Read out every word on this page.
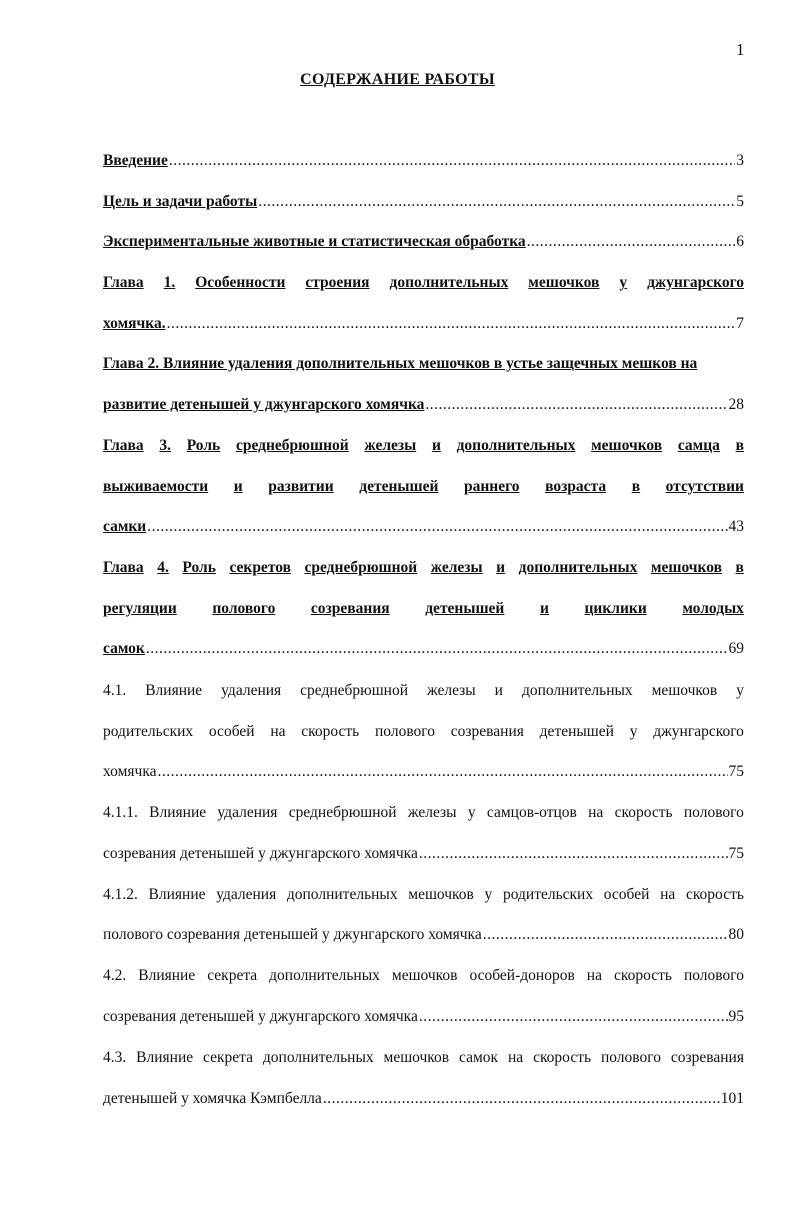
1
СОДЕРЖАНИЕ РАБОТЫ
Введение .....	3
Цель и задачи работы .....	5
Экспериментальные животные и статистическая обработка .....	6
Глава 1. Особенности строения дополнительных мешочков у джунгарского
хомячка. .....	7
Глава 2. Влияние удаления дополнительных мешочков в устье защечных мешков на
развитие детенышей у джунгарского хомячка .....	28
Глава 3. Роль среднебрюшной железы и дополнительных мешочков самца в
выживаемости и развитии детенышей раннего возраста в отсутствии
самки .....	43
Глава 4. Роль секретов среднебрюшной железы и дополнительных мешочков в
регуляции полового созревания детенышей и циклики молодых
самок .....	69
4.1. Влияние удаления среднебрюшной железы и дополнительных мешочков у
родительских особей на скорость полового созревания детенышей у джунгарского
хомячка .....	75
4.1.1. Влияние удаления среднебрюшной железы у самцов-отцов на скорость полового
созревания детенышей у джунгарского хомячка .....	75
4.1.2. Влияние удаления дополнительных мешочков у родительских особей на скорость
полового созревания детенышей у джунгарского хомячка .....	80
4.2. Влияние секрета дополнительных мешочков особей-доноров на скорость полового
созревания детенышей у джунгарского хомячка .....	95
4.3. Влияние секрета дополнительных мешочков самок на скорость полового созревания
детенышей у хомячка Кэмпбелла .....	101
